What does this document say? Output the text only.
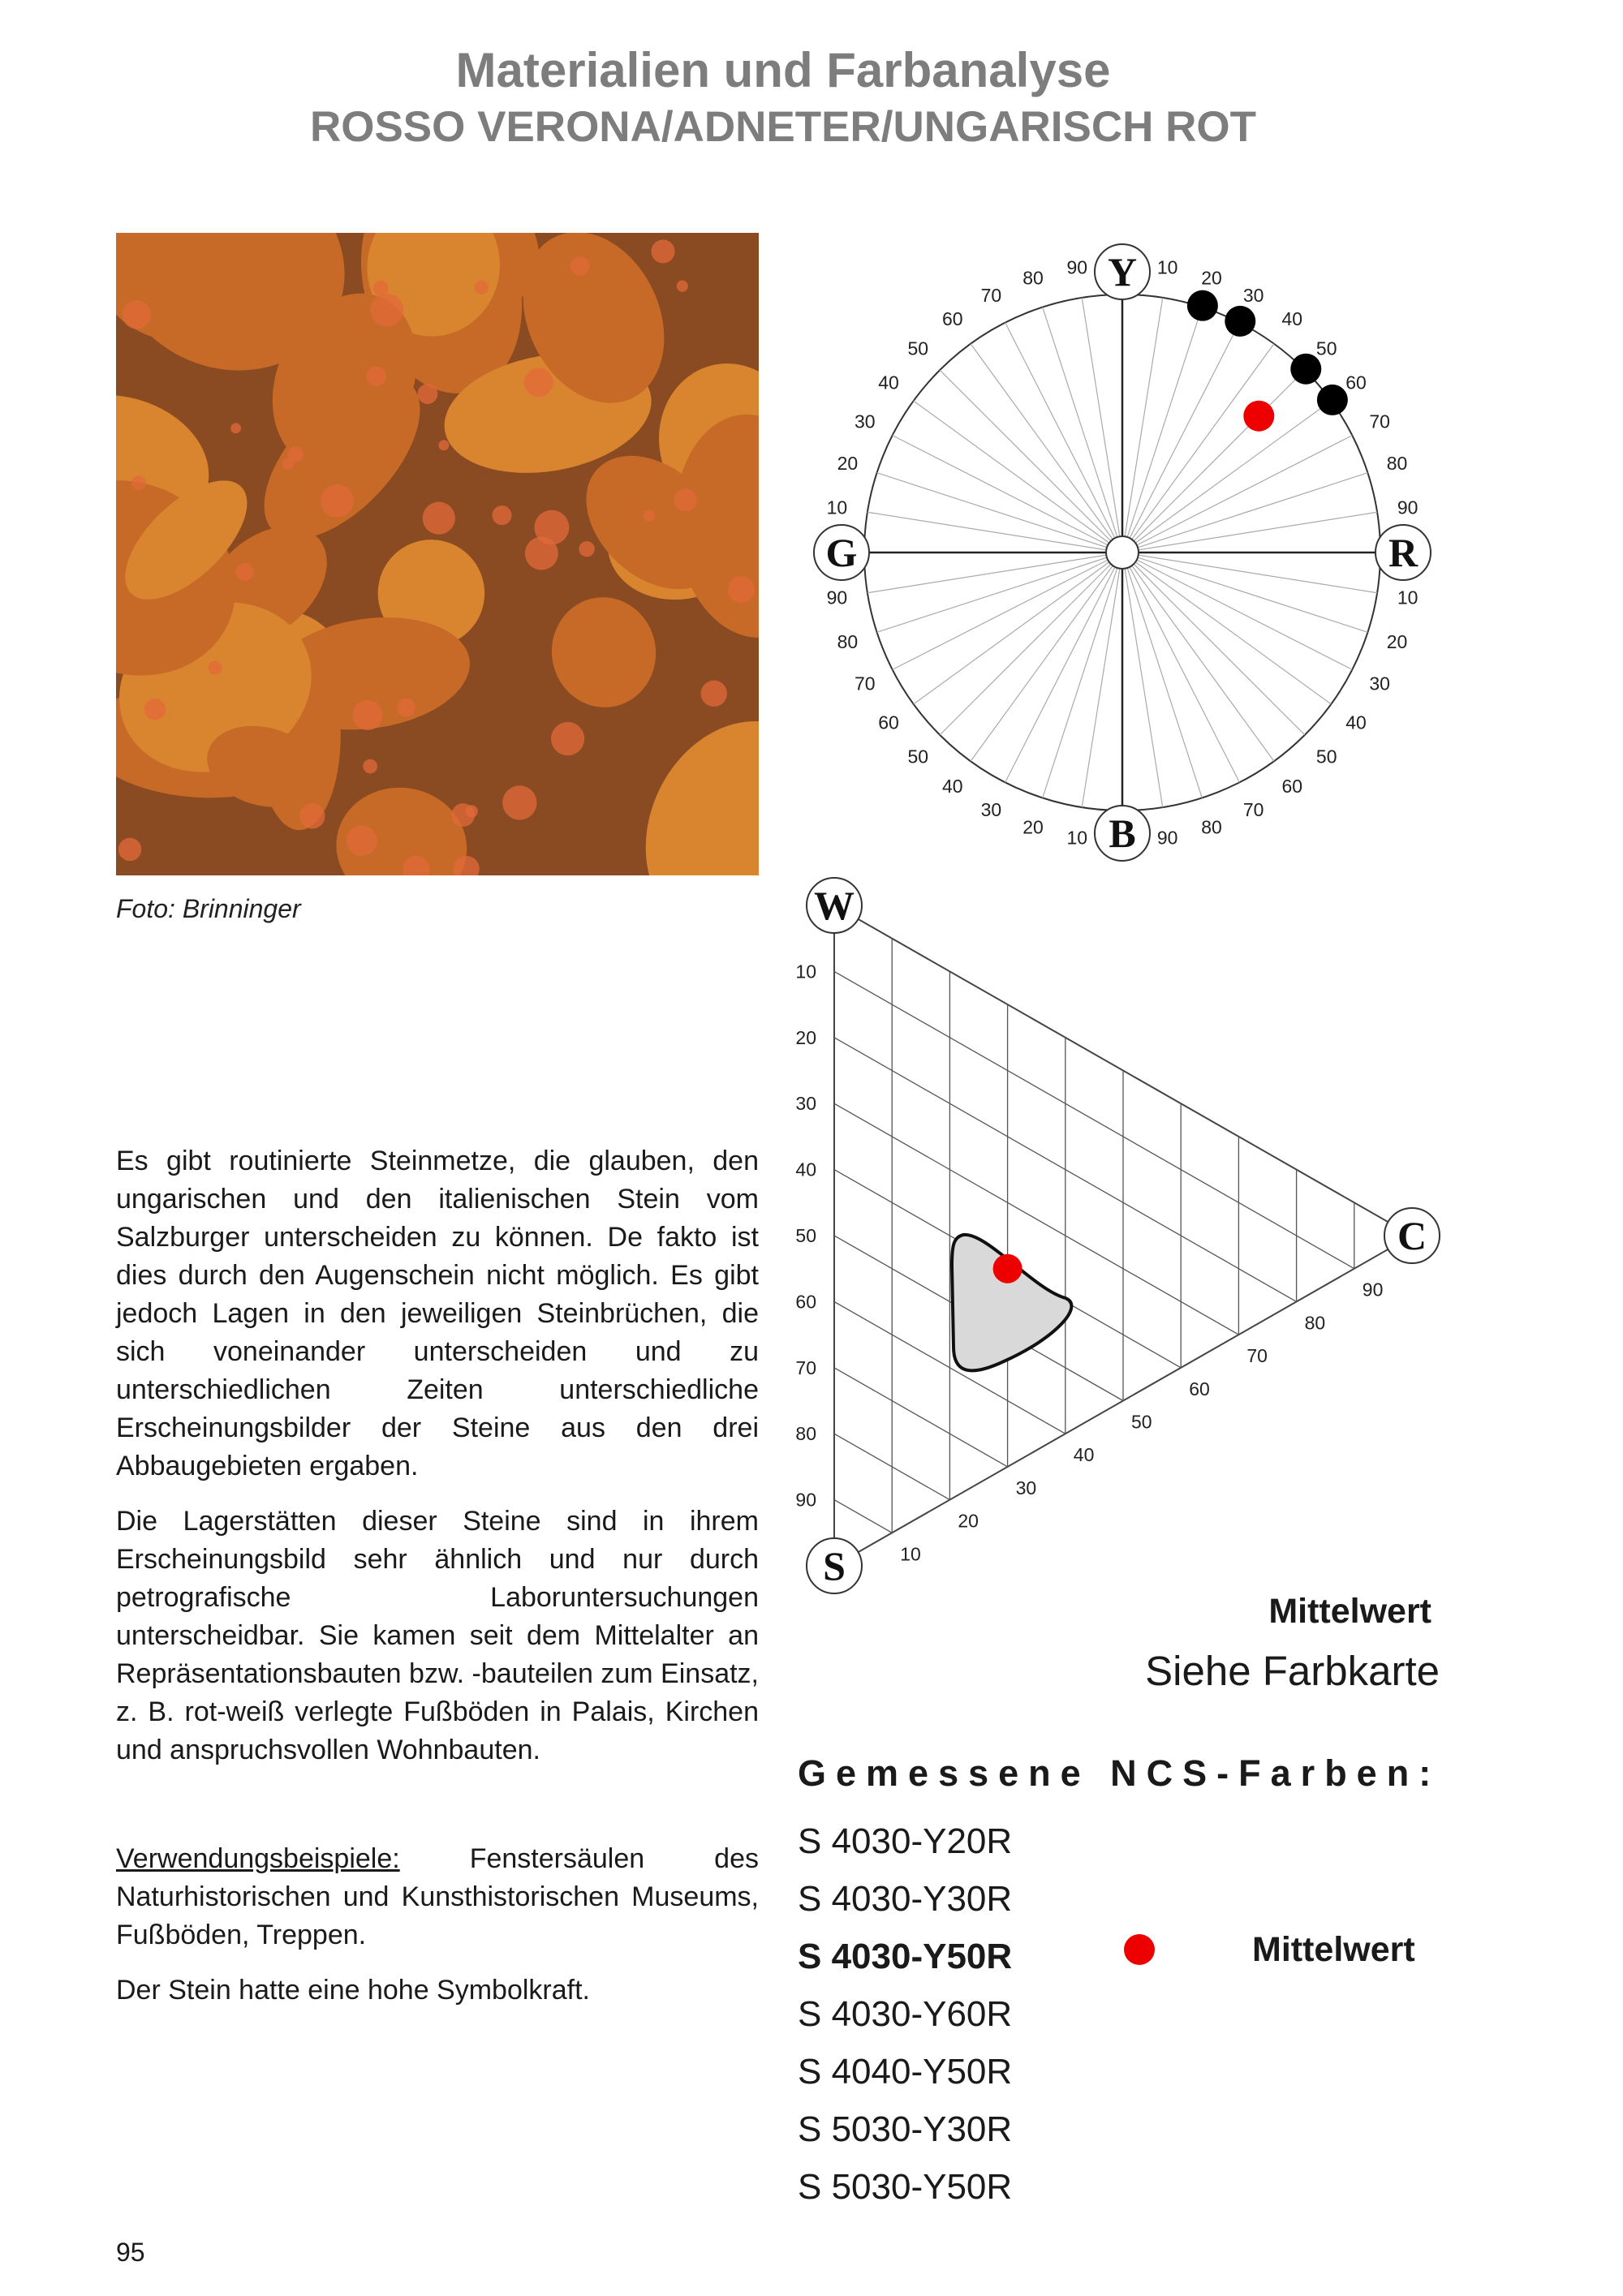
Materialien und Farbanalyse
ROSSO VERONA/ADNETER/UNGARISCH ROT
Foto: Brinninger

Es gibt routinierte Steinmetze, die glauben, den ungarischen und den italienischen Stein vom Salzburger unterscheiden zu können. De fakto ist dies durch den Augenschein nicht möglich. Es gibt jedoch Lagen in den jeweiligen Steinbrüchen, die sich voneinander unterscheiden und zu unterschiedlichen Zeiten unterschiedliche Erscheinungsbilder der Steine aus den drei Abbaugebieten ergaben.

Die Lagerstätten dieser Steine sind in ihrem Erscheinungsbild sehr ähnlich und nur durch petrografische Laboruntersuchungen unterscheidbar. Sie kamen seit dem Mittelalter an Repräsentationsbauten bzw. -bauteilen zum Einsatz, z. B. rot-weiß verlegte Fußböden in Palais, Kirchen und anspruchsvollen Wohnbauten.

Verwendungsbeispiele: Fenstersäulen des Naturhistorischen und Kunsthistorischen Museums, Fußböden, Treppen.

Der Stein hatte eine hohe Symbolkraft.

10
20
30
40
50
60
70
80
90
10
20
30
40
50
60
70
80
90
10
20
30
40
50
60
70
80
90
10
20
30
40
50
60
70
80
90 Y
R
B
G
10
20
30
40
50
60
70
80
90
10
20
30
40
50
60
70
80
90
W
C
S
Mittelwert
Siehe Farbkarte
Gemessene NCS-Farben:
S 4030-Y20R
S 4030-Y30R
S 4030-Y50R
S 4030-Y60R
S 4040-Y50R
S 5030-Y30R
S 5030-Y50R
Mittelwert
95
